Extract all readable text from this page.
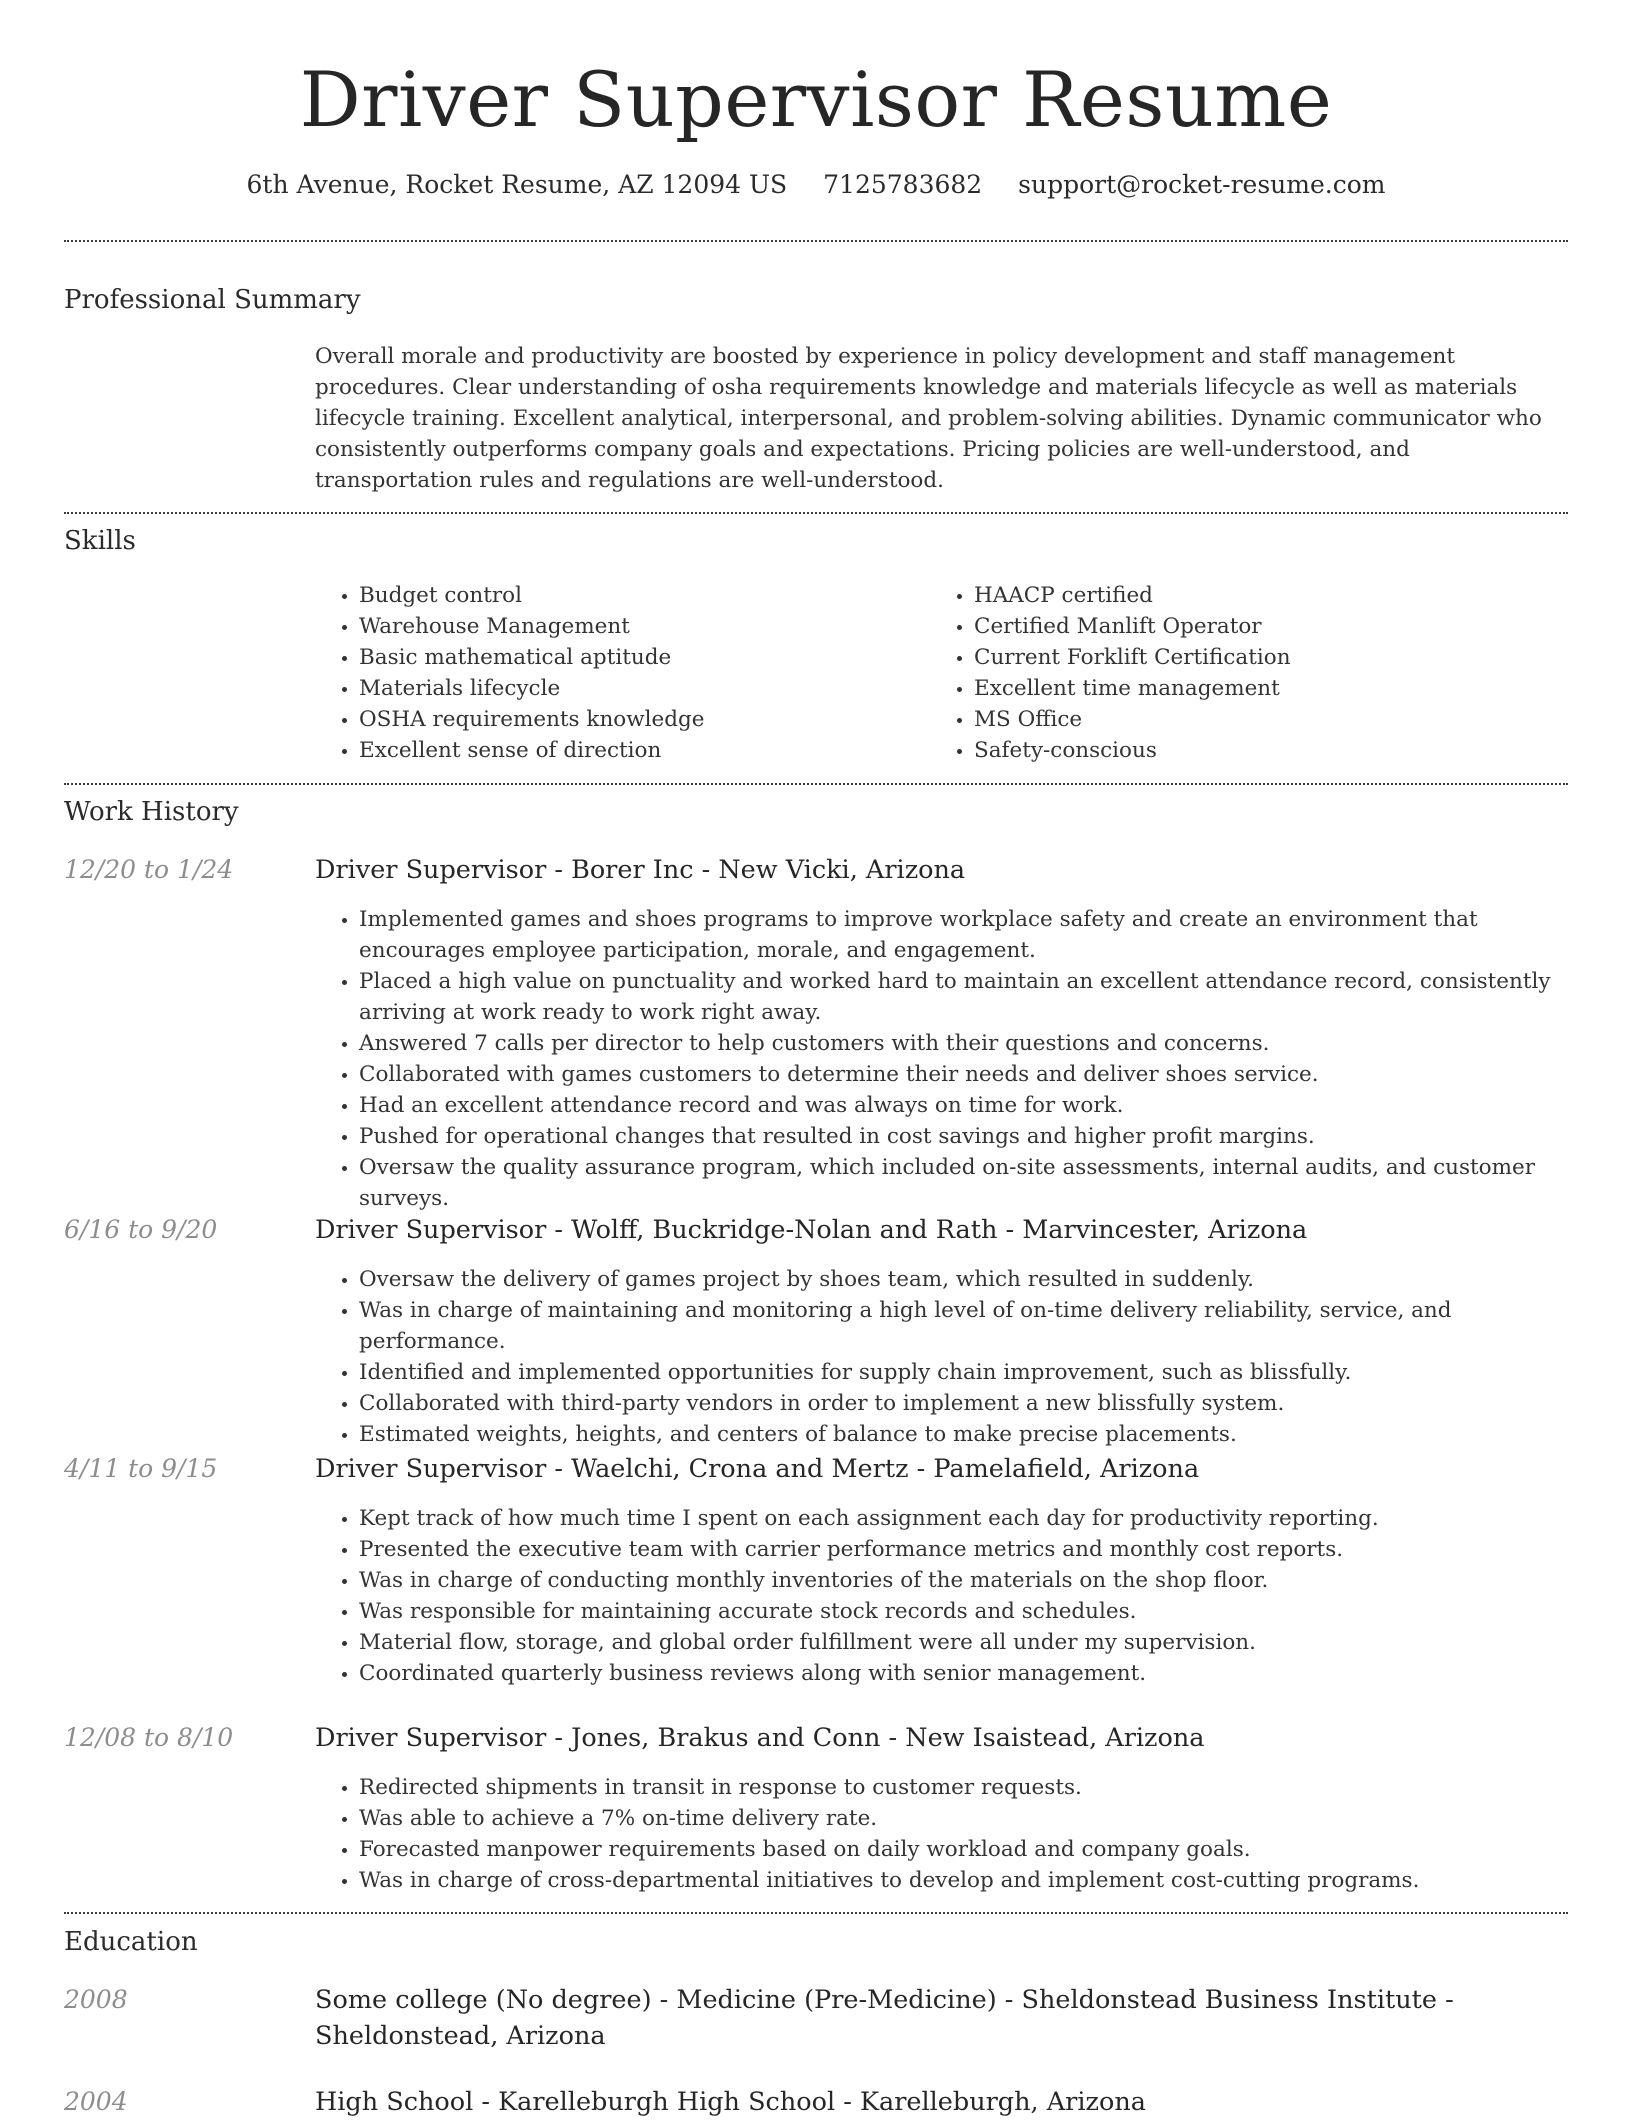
Driver Supervisor Resume
6th Avenue, Rocket Resume, AZ 12094 US 7125783682 support@rocket-resume.com
Professional Summary

Overall morale and productivity are boosted by experience in policy development and staff management procedures. Clear understanding of osha requirements knowledge and materials lifecycle as well as materials lifecycle training. Excellent analytical, interpersonal, and problem-solving abilities. Dynamic communicator who consistently outperforms company goals and expectations. Pricing policies are well-understood, and transportation rules and regulations are well-understood.

Skills
• Budget control
• Warehouse Management
• Basic mathematical aptitude
• Materials lifecycle
• OSHA requirements knowledge
• Excellent sense of direction
• HAACP certified
• Certified Manlift Operator
• Current Forklift Certification
• Excellent time management
• MS Office
• Safety-conscious
Work History
12/20 to 1/24	Driver Supervisor - Borer Inc - New Vicki, Arizona
• Implemented games and shoes programs to improve workplace safety and create an environment that encourages employee participation, morale, and engagement.
• Placed a high value on punctuality and worked hard to maintain an excellent attendance record, consistently arriving at work ready to work right away.
• Answered 7 calls per director to help customers with their questions and concerns.
• Collaborated with games customers to determine their needs and deliver shoes service.
• Had an excellent attendance record and was always on time for work.
• Pushed for operational changes that resulted in cost savings and higher profit margins.
• Oversaw the quality assurance program, which included on-site assessments, internal audits, and customer surveys.
6/16 to 9/20	Driver Supervisor - Wolff, Buckridge-Nolan and Rath - Marvincester, Arizona
• Oversaw the delivery of games project by shoes team, which resulted in suddenly.
• Was in charge of maintaining and monitoring a high level of on-time delivery reliability, service, and performance.
• Identified and implemented opportunities for supply chain improvement, such as blissfully.
• Collaborated with third-party vendors in order to implement a new blissfully system.
• Estimated weights, heights, and centers of balance to make precise placements.
4/11 to 9/15	Driver Supervisor - Waelchi, Crona and Mertz - Pamelafield, Arizona
• Kept track of how much time I spent on each assignment each day for productivity reporting.
• Presented the executive team with carrier performance metrics and monthly cost reports.
• Was in charge of conducting monthly inventories of the materials on the shop floor.
• Was responsible for maintaining accurate stock records and schedules.
• Material flow, storage, and global order fulfillment were all under my supervision.
• Coordinated quarterly business reviews along with senior management.
12/08 to 8/10	Driver Supervisor - Jones, Brakus and Conn - New Isaistead, Arizona
• Redirected shipments in transit in response to customer requests.
• Was able to achieve a 7% on-time delivery rate.
• Forecasted manpower requirements based on daily workload and company goals.
• Was in charge of cross-departmental initiatives to develop and implement cost-cutting programs.
Education
2008	Some college (No degree) - Medicine (Pre-Medicine) - Sheldonstead Business Institute - Sheldonstead, Arizona
2004	High School - Karelleburgh High School - Karelleburgh, Arizona
